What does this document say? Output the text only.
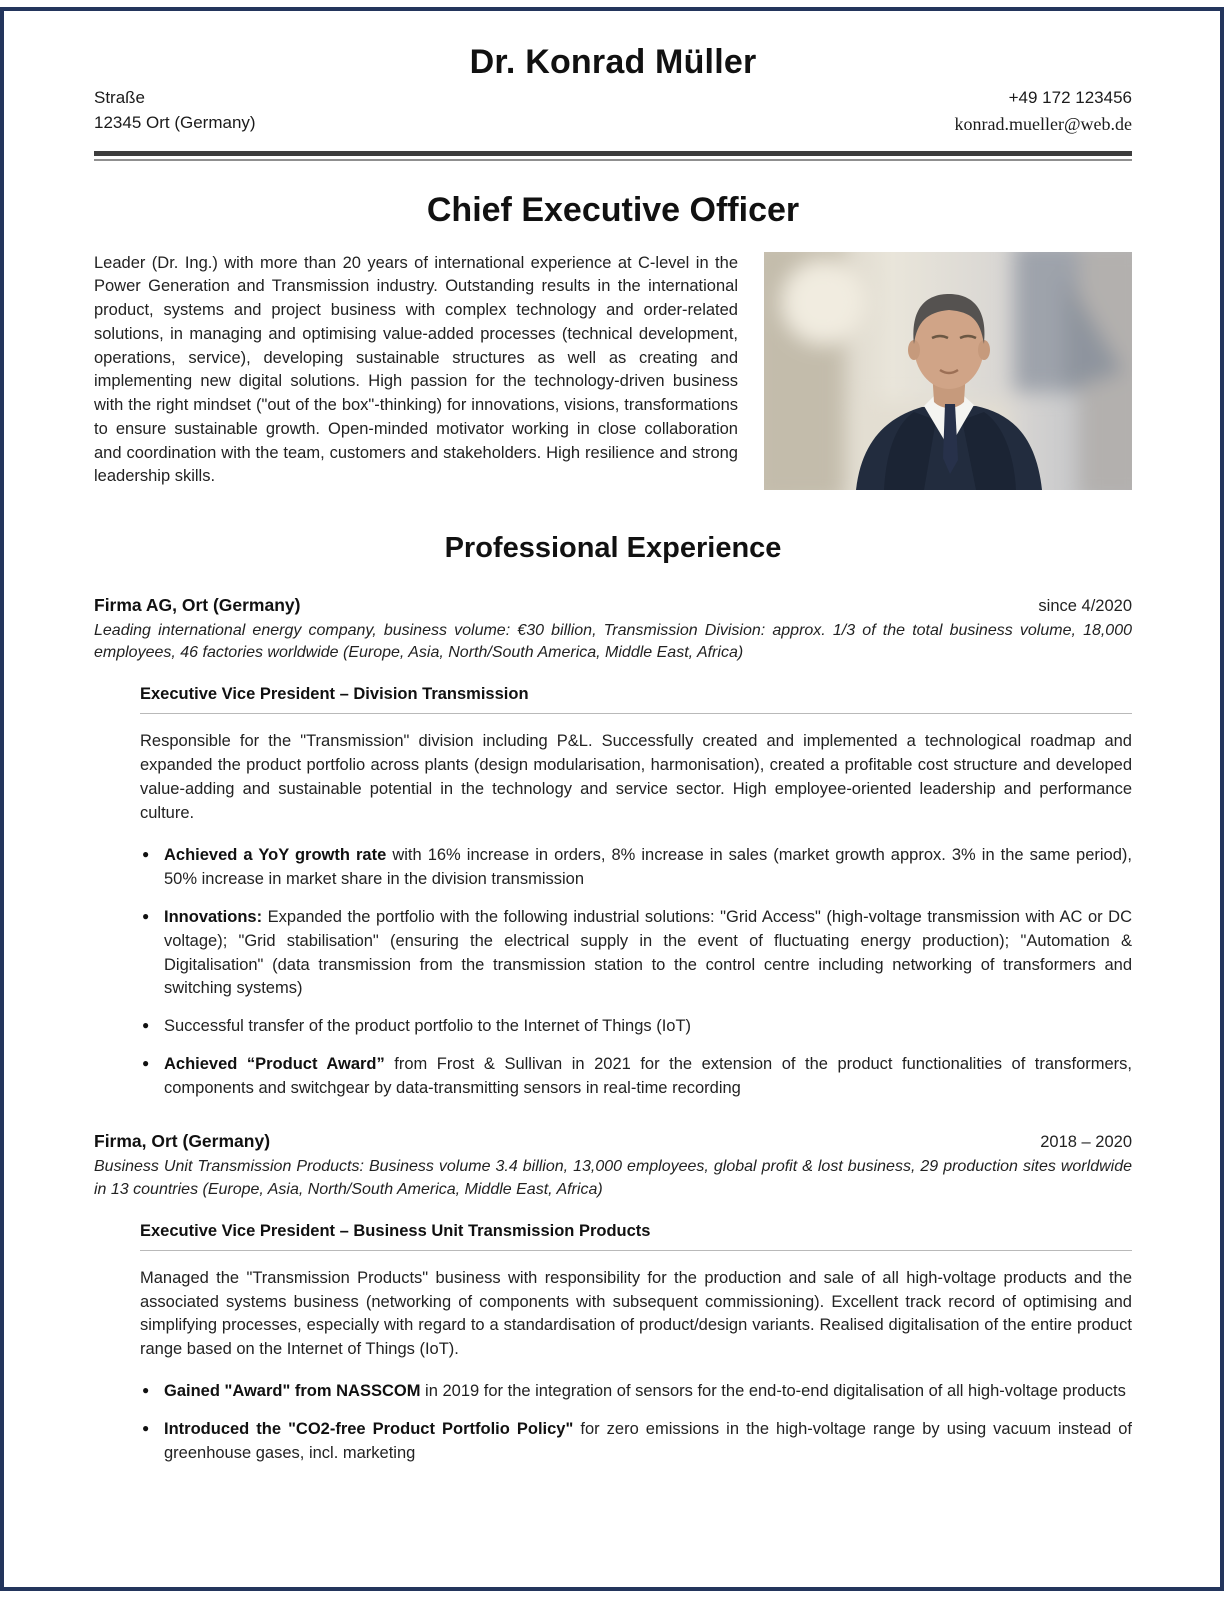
Dr. Konrad Müller
Straße
12345 Ort (Germany)
+49 172 123456
konrad.mueller@web.de
Chief Executive Officer
Leader (Dr. Ing.) with more than 20 years of international experience at C-level in the Power Generation and Transmission industry. Outstanding results in the international product, systems and project business with complex technology and order-related solutions, in managing and optimising value-added processes (technical development, operations, service), developing sustainable structures as well as creating and implementing new digital solutions. High passion for the technology-driven business with the right mindset ("out of the box"-thinking) for innovations, visions, transformations to ensure sustainable growth. Open-minded motivator working in close collaboration and coordination with the team, customers and stakeholders. High resilience and strong leadership skills.
Professional Experience
Firma AG, Ort (Germany)	since 4/2020
Leading international energy company, business volume: €30 billion, Transmission Division: approx. 1/3 of the total business volume, 18,000 employees, 46 factories worldwide (Europe, Asia, North/South America, Middle East, Africa)
Executive Vice President – Division Transmission
Responsible for the "Transmission" division including P&L. Successfully created and implemented a technological roadmap and expanded the product portfolio across plants (design modularisation, harmonisation), created a profitable cost structure and developed value-adding and sustainable potential in the technology and service sector. High employee-oriented leadership and performance culture.
● Achieved a YoY growth rate with 16% increase in orders, 8% increase in sales (market growth approx. 3% in the same period), 50% increase in market share in the division transmission
● Innovations: Expanded the portfolio with the following industrial solutions: "Grid Access" (high-voltage transmission with AC or DC voltage); "Grid stabilisation" (ensuring the electrical supply in the event of fluctuating energy production); "Automation & Digitalisation" (data transmission from the transmission station to the control centre including networking of transformers and switching systems)
● Successful transfer of the product portfolio to the Internet of Things (IoT)
● Achieved “Product Award” from Frost & Sullivan in 2021 for the extension of the product functionalities of transformers, components and switchgear by data-transmitting sensors in real-time recording
Firma, Ort (Germany)	2018 – 2020
Business Unit Transmission Products: Business volume 3.4 billion, 13,000 employees, global profit & lost business, 29 production sites worldwide in 13 countries (Europe, Asia, North/South America, Middle East, Africa)
Executive Vice President – Business Unit Transmission Products
Managed the "Transmission Products" business with responsibility for the production and sale of all high-voltage products and the associated systems business (networking of components with subsequent commissioning). Excellent track record of optimising and simplifying processes, especially with regard to a standardisation of product/design variants. Realised digitalisation of the entire product range based on the Internet of Things (IoT).
● Gained "Award" from NASSCOM in 2019 for the integration of sensors for the end-to-end digitalisation of all high-voltage products
● Introduced the "CO2-free Product Portfolio Policy" for zero emissions in the high-voltage range by using vacuum instead of greenhouse gases, incl. marketing
